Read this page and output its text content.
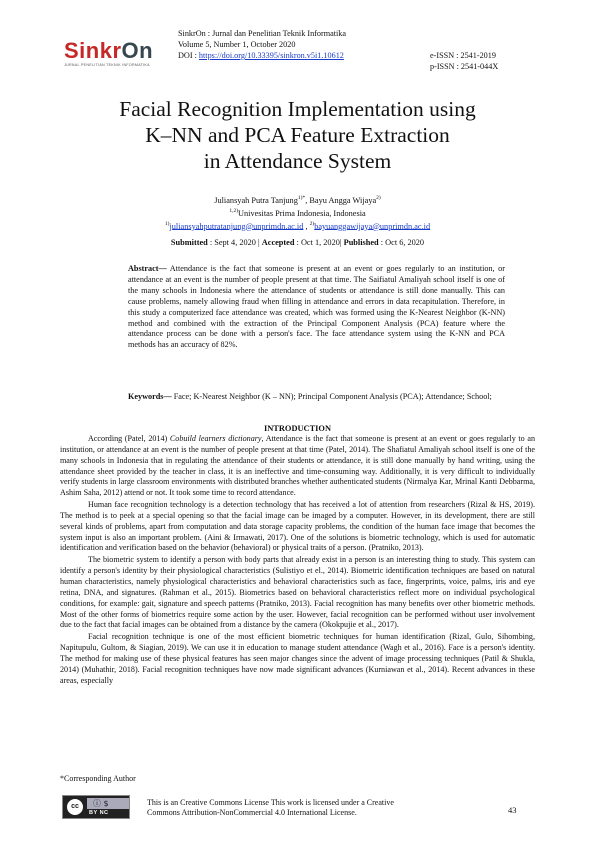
SinkrOn
JURNAL PENELITIAN TEKNIK INFORMATIKA
SinkrOn : Jurnal dan Penelitian Teknik Informatika
Volume 5, Number 1, October 2020
DOI : https://doi.org/10.33395/sinkron.v5i1.10612	e-ISSN : 2541-2019
p-ISSN : 2541-044X
Facial Recognition Implementation using
K–NN and PCA Feature Extraction
in Attendance System
Juliansyah Putra Tanjung$^{1)*}$, Bayu Angga Wijaya$^{2)}$
$^{1,2)}$Univesitas Prima Indonesia, Indonesia
$^{1)}$juliansyahputratanjung@unprimdn.ac.id , $^{2)}$bayuanggawijaya@unprimdn.ac.id
Submitted : Sept 4, 2020 | Accepted : Oct 1, 2020| Published : Oct 6, 2020
Abstract— Attendance is the fact that someone is present at an event or goes regularly to an institution, or attendance at an event is the number of people present at that time. The Saifiatul Amaliyah school itself is one of the many schools in Indonesia where the attendance of students or attendance is still done manually. This can cause problems, namely allowing fraud when filling in attendance and errors in data recapitulation. Therefore, in this study a computerized face attendance was created, which was formed using the K-Nearest Neighbor (K-NN) method and combined with the extraction of the Principal Component Analysis (PCA) feature where the attendance process can be done with a person's face. The face attendance system using the K-NN and PCA methods has an accuracy of 82%.
Keywords— Face; K-Nearest Neighbor (K – NN); Principal Component Analysis (PCA); Attendance; School;
INTRODUCTION

According (Patel, 2014) Cobuild learners dictionary, Attendance is the fact that someone is present at an event or goes regularly to an institution, or attendance at an event is the number of people present at that time (Patel, 2014). The Shafiatul Amaliyah school itself is one of the many schools in Indonesia that in regulating the attendance of their students or attendance, it is still done manually by hand writing, using the attendance sheet provided by the teacher in class, it is an ineffective and time-consuming way. Additionally, it is very difficult to individually verify students in large classroom environments with distributed branches whether authenticated students (Nirmalya Kar, Mrinal Kanti Debbarma, Ashim Saha, 2012) attend or not. It took some time to record attendance.

Human face recognition technology is a detection technology that has received a lot of attention from researchers (Rizal & HS, 2019). The method is to peek at a special opening so that the facial image can be imaged by a computer. However, in its development, there are still several kinds of problems, apart from computation and data storage capacity problems, the condition of the human face image that becomes the system input is also an important problem. (Aini & Irmawati, 2017). One of the solutions is biometric technology, which is used for automatic identification and verification based on the behavior (behavioral) or physical traits of a person. (Pratniko, 2013).

The biometric system to identify a person with body parts that already exist in a person is an interesting thing to study. This system can identify a person's identity by their physiological characteristics (Sulistiyo et el., 2014). Biometric identification techniques are based on natural human characteristics, namely physiological characteristics and behavioral characteristics such as face, fingerprints, voice, palms, iris and eye retina, DNA, and signatures. (Rahman et al., 2015). Biometrics based on behavioral characteristics reflect more on individual psychological conditions, for example: gait, signature and speech patterns (Pratniko, 2013). Facial recognition has many benefits over other biometric methods. Most of the other forms of biometrics require some action by the user. However, facial recognition can be performed without user involvement due to the fact that facial images can be obtained from a distance by the camera (Okokpujie et al., 2017).

Facial recognition technique is one of the most efficient biometric techniques for human identification (Rizal, Gulo, Sihombing, Napitupulu, Gultom, & Siagian, 2019). We can use it in education to manage student attendance (Wagh et al., 2016). Face is a person's identity. The method for making use of these physical features has seen major changes since the advent of image processing techniques (Patil & Shukla, 2014) (Muhathir, 2018). Facial recognition techniques have now made significant advances (Kurniawan et al., 2014). Recent advances in these areas, especially

*Corresponding Author
cc	ⓘ $
BY NC
This is an Creative Commons License This work is licensed under a Creative
Commons Attribution-NonCommercial 4.0 International License.	43
